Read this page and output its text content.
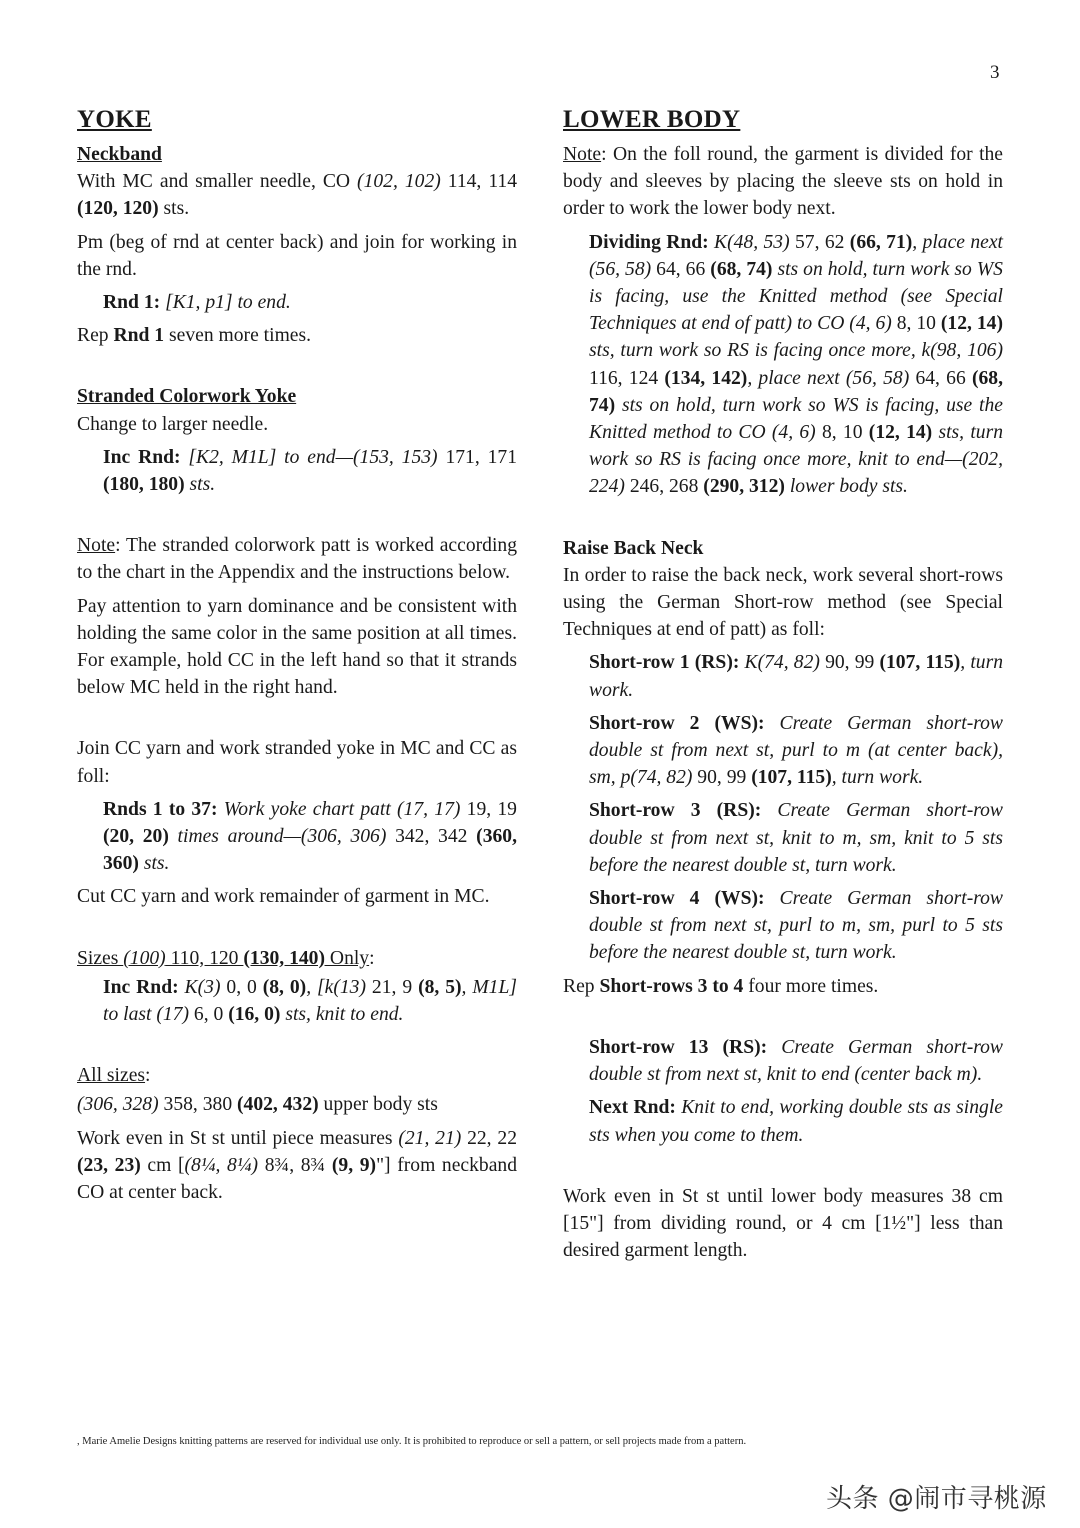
3
YOKE
Neckband

With MC and smaller needle, CO (102, 102) 114, 114 (120, 120) sts.

Pm (beg of rnd at center back) and join for working in the rnd.

Rnd 1: [K1, p1] to end.

Rep Rnd 1 seven more times.

Stranded Colorwork Yoke

Change to larger needle.

Inc Rnd: [K2, M1L] to end—(153, 153) 171, 171 (180, 180) sts.

Note: The stranded colorwork patt is worked according to the chart in the Appendix and the instructions below.

Pay attention to yarn dominance and be consistent with holding the same color in the same position at all times. For example, hold CC in the left hand so that it strands below MC held in the right hand.

Join CC yarn and work stranded yoke in MC and CC as foll:

Rnds 1 to 37: Work yoke chart patt (17, 17) 19, 19 (20, 20) times around—(306, 306) 342, 342 (360, 360) sts.

Cut CC yarn and work remainder of garment in MC.

Sizes (100) 110, 120 (130, 140) Only:

Inc Rnd: K(3) 0, 0 (8, 0), [k(13) 21, 9 (8, 5), M1L] to last (17) 6, 0 (16, 0) sts, knit to end.

All sizes:

(306, 328) 358, 380 (402, 432) upper body sts

Work even in St st until piece measures (21, 21) 22, 22 (23, 23) cm [(8¼, 8¼) 8¾, 8¾ (9, 9)"] from neckband CO at center back.

LOWER BODY

Note: On the foll round, the garment is divided for the body and sleeves by placing the sleeve sts on hold in order to work the lower body next.

Dividing Rnd: K(48, 53) 57, 62 (66, 71), place next (56, 58) 64, 66 (68, 74) sts on hold, turn work so WS is facing, use the Knitted method (see Special Techniques at end of patt) to CO (4, 6) 8, 10 (12, 14) sts, turn work so RS is facing once more, k(98, 106) 116, 124 (134, 142), place next (56, 58) 64, 66 (68, 74) sts on hold, turn work so WS is facing, use the Knitted method to CO (4, 6) 8, 10 (12, 14) sts, turn work so RS is facing once more, knit to end—(202, 224) 246, 268 (290, 312) lower body sts.

Raise Back Neck

In order to raise the back neck, work several short-rows using the German Short-row method (see Special Techniques at end of patt) as foll:

Short-row 1 (RS): K(74, 82) 90, 99 (107, 115), turn work.

Short-row 2 (WS): Create German short-row double st from next st, purl to m (at center back), sm, p(74, 82) 90, 99 (107, 115), turn work.

Short-row 3 (RS): Create German short-row double st from next st, knit to m, sm, knit to 5 sts before the nearest double st, turn work.

Short-row 4 (WS): Create German short-row double st from next st, purl to m, sm, purl to 5 sts before the nearest double st, turn work.

Rep Short-rows 3 to 4 four more times.

Short-row 13 (RS): Create German short-row double st from next st, knit to end (center back m).

Next Rnd: Knit to end, working double sts as single sts when you come to them.

Work even in St st until lower body measures 38 cm [15"] from dividing round, or 4 cm [1½"] less than desired garment length.

, Marie Amelie Designs knitting patterns are reserved for individual use only. It is prohibited to reproduce or sell a pattern, or sell projects made from a pattern.
头条 @闹市寻桃源
